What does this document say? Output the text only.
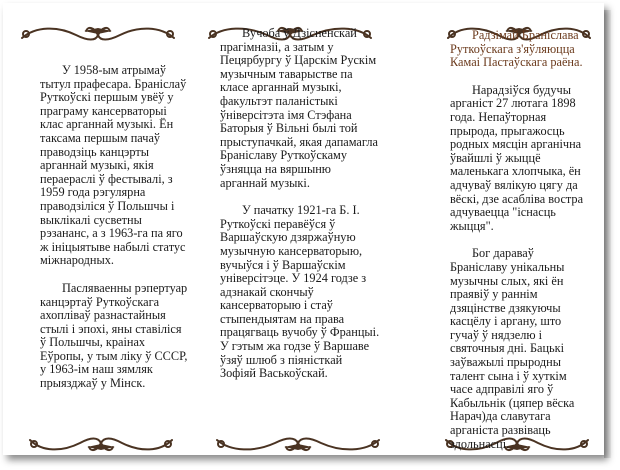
У 1958-ым атрымаў тытул прафесара. Браніслаў Руткоўскі першым увёў у праграму кансерваторыі клас арганнай музыкі. Ён таксама першым пачаў праводзіць канцэрты арганнай музыкі, якія пераераслі ў фестывалі, з 1959 года рэгулярна праводзіліся ў Польшчы і выклікалі сусветны рэзананс, а з 1963-га па яго ж ініцыятыве набылі статус міжнародных.

Пасляваенны рэпертуар канцэртаў Руткоўскага ахопліваў разнастайныя стылі і эпохі, яны ставіліся ў Польшчы, краінах Еўропы, у тым ліку ў СССР, у 1963-ім наш зямляк прыязджаў у Мінск.

Вучоба ў Дзісненскай прагімназіі, а затым у Пецярбургу ў Царскім Рускім музычным таварыстве па класе арганнай музыкі, факультэт паланістыкі ўніверсітэта імя Стэфана Баторыя ў Вільні былі той прыступачкай, якая дапамагла Браніславу Руткоўскаму ўзняцца на вяршыню арганнай музыкі.

У пачатку 1921-га Б. І. Руткоўскі перавёўся ў Варшаўскую дзяржаўную музычную кансерваторыю, вучыўся і ў Варшаўскім універсітэце. У 1924 годзе з адзнакай скончыў кансерваторыю і стаў стыпендыятам на права працягваць вучобу ў Францыі. У гэтым жа годзе ў Варшаве ўзяў шлюб з піяністкай Зофіяй Васькоўскай.

Радзімай Браніслава Руткоўскага з'яўляюцца Камаі Пастаўскага раёна.

Нарадзіўся будучы арганіст 27 лютага 1898 года. Непаўторная прырода, прыгажосць родных мясцін арганічна ўвайшлі ў жыццё маленькага хлопчыка, ён адчуваў вялікую цягу да вёскі, дзе асабліва востра адчуваецца "існасць жыцця".

Бог дараваў Браніславу унікальны музычны слых, які ён праявіў у раннім дзяцінстве дзякуючы касцёлу і аргану, што гучаў ў нядзелю і святочныя дні. Бацькі заўважылі прыродны талент сына і ў хуткім часе адправілі яго ў Кабыльнік (цяпер вёска Нарач)да славутага арганіста развіваць здольнасці.
